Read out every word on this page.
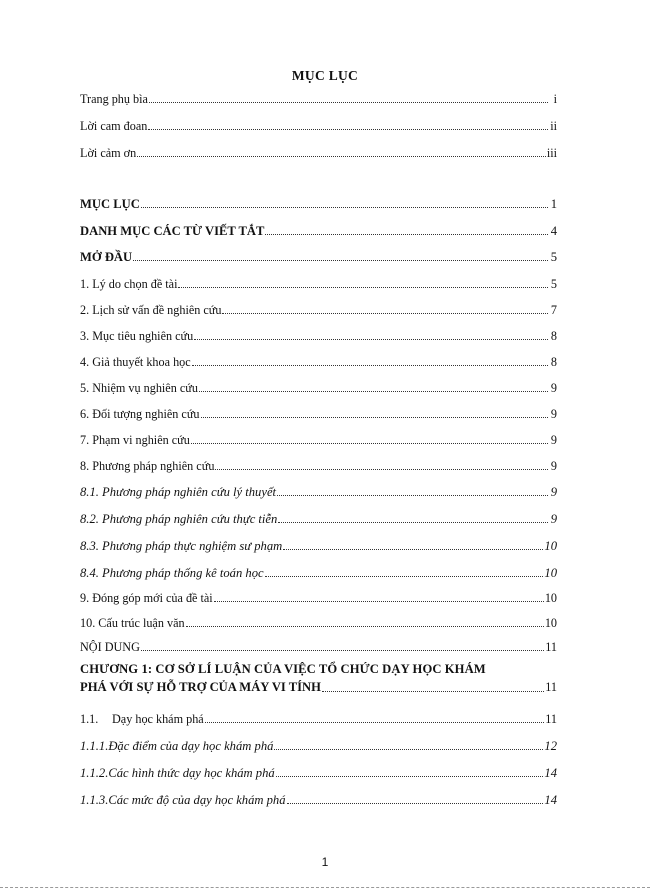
MỤC LỤC
Trang phụ bìa	i
Lời cam đoan	ii
Lời cảm ơn	iii
MỤC LỤC	1
DANH MỤC CÁC TỪ VIẾT TẮT	4
MỞ ĐẦU	5
1. Lý do chọn đề tài	5
2. Lịch sử vấn đề nghiên cứu	7
3. Mục tiêu nghiên cứu	8
4. Giả thuyết khoa học	8
5. Nhiệm vụ nghiên cứu	9
6. Đối tượng nghiên cứu	9
7. Phạm vi nghiên cứu	9
8. Phương pháp nghiên cứu	9
8.1. Phương pháp nghiên cứu lý thuyết	9
8.2. Phương pháp nghiên cứu thực tiễn	9
8.3. Phương pháp thực nghiệm sư phạm	10
8.4. Phương pháp thống kê toán học	10
9. Đóng góp mới của đề tài	10
10. Cấu trúc luận văn	10
NỘI DUNG	11
CHƯƠNG 1: CƠ SỞ LÍ LUẬN CỦA VIỆC TỔ CHỨC DẠY HỌC KHÁM
PHÁ VỚI SỰ HỖ TRỢ CỦA MÁY VI TÍNH	11
1.1. Dạy học khám phá	11
1.1.1.Đặc điểm của dạy học khám phá	12
1.1.2.Các hình thức dạy học khám phá	14
1.1.3.Các mức độ của dạy học khám phá	14
1
